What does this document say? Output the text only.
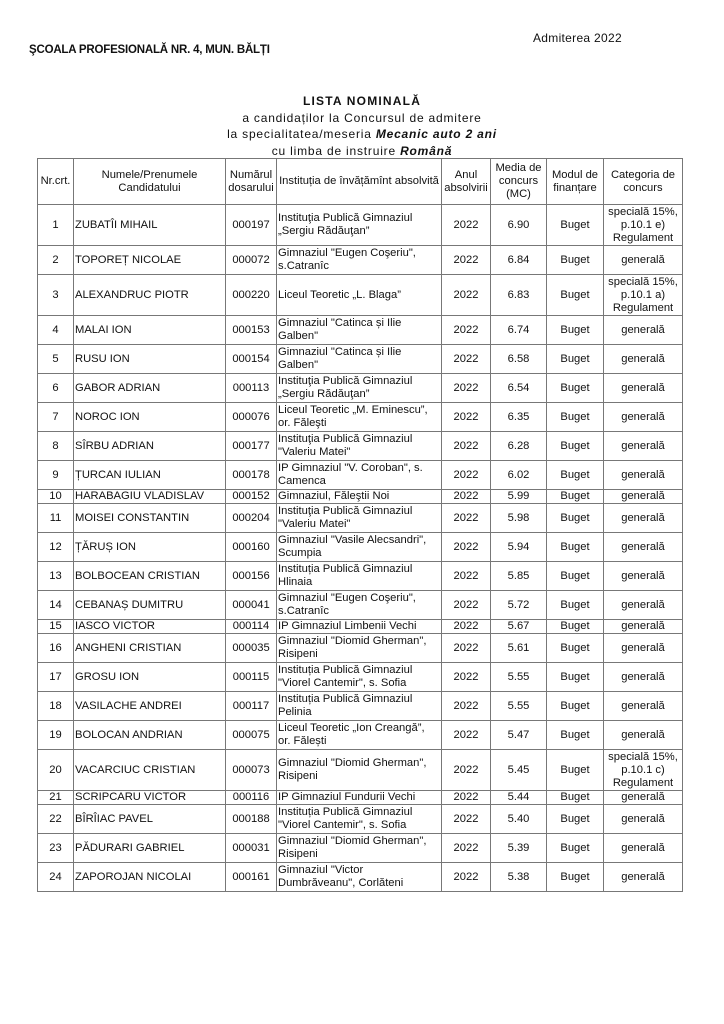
Admiterea 2022
ŞCOALA PROFESIONALĂ NR. 4, MUN. BĂLȚI
LISTA NOMINALĂ
a candidaților la Concursul de admitere
la specialitatea/meseria Mecanic auto 2 ani
cu limba de instruire Română
Nr.crt.	Numele/Prenumele Candidatului	Numărul dosarului	Instituția de învățămînt absolvită	Anul absolvirii	Media de concurs (MC)	Modul de finanțare	Categoria de concurs
1	ZUBATÎI MIHAIL	000197	Instituţia Publică Gimnaziul „Sergiu Rădăuţan”	2022	6.90	Buget	specială 15%, p.10.1 e) Regulament
2	TOPOREȚ NICOLAE	000072	Gimnaziul "Eugen Coşeriu", s.Catranîc	2022	6.84	Buget	generală
3	ALEXANDRUC PIOTR	000220	Liceul Teoretic „L. Blaga”	2022	6.83	Buget	specială 15%, p.10.1 a) Regulament
4	MALAI ION	000153	Gimnaziul "Catinca și Ilie Galben"	2022	6.74	Buget	generală
5	RUSU ION	000154	Gimnaziul "Catinca și Ilie Galben"	2022	6.58	Buget	generală
6	GABOR ADRIAN	000113	Instituţia Publică Gimnaziul „Sergiu Rădăuţan”	2022	6.54	Buget	generală
7	NOROC ION	000076	Liceul Teoretic „M. Eminescu”, or. Făleşti	2022	6.35	Buget	generală
8	SÎRBU ADRIAN	000177	Instituţia Publică Gimnaziul "Valeriu Matei"	2022	6.28	Buget	generală
9	ȚURCAN IULIAN	000178	IP Gimnaziul "V. Coroban", s. Camenca	2022	6.02	Buget	generală
10	HARABAGIU VLADISLAV	000152	Gimnaziul, Făleştii Noi	2022	5.99	Buget	generală
11	MOISEI CONSTANTIN	000204	Instituţia Publică Gimnaziul "Valeriu Matei"	2022	5.98	Buget	generală
12	ȚĂRUȘ ION	000160	Gimnaziul "Vasile Alecsandri", Scumpia	2022	5.94	Buget	generală
13	BOLBOCEAN CRISTIAN	000156	Instituția Publică Gimnaziul Hlinaia	2022	5.85	Buget	generală
14	CEBANAȘ DUMITRU	000041	Gimnaziul "Eugen Coşeriu", s.Catranîc	2022	5.72	Buget	generală
15	IASCO VICTOR	000114	IP Gimnaziul Limbenii Vechi	2022	5.67	Buget	generală
16	ANGHENI CRISTIAN	000035	Gimnaziul "Diomid Gherman", Risipeni	2022	5.61	Buget	generală
17	GROSU ION	000115	Instituția Publică Gimnaziul "Viorel Cantemir", s. Sofia	2022	5.55	Buget	generală
18	VASILACHE ANDREI	000117	Instituția Publică Gimnaziul Pelinia	2022	5.55	Buget	generală
19	BOLOCAN ANDRIAN	000075	Liceul Teoretic „Ion Creangă”, or. Fălești	2022	5.47	Buget	generală
20	VACARCIUC CRISTIAN	000073	Gimnaziul "Diomid Gherman", Risipeni	2022	5.45	Buget	specială 15%, p.10.1 c) Regulament
21	SCRIPCARU VICTOR	000116	IP Gimnaziul Fundurii Vechi	2022	5.44	Buget	generală
22	BÎRÎIAC PAVEL	000188	Instituția Publică Gimnaziul "Viorel Cantemir", s. Sofia	2022	5.40	Buget	generală
23	PĂDURARI GABRIEL	000031	Gimnaziul "Diomid Gherman", Risipeni	2022	5.39	Buget	generală
24	ZAPOROJAN NICOLAI	000161	Gimnaziul "Victor Dumbrăveanu", Corlăteni	2022	5.38	Buget	generală
